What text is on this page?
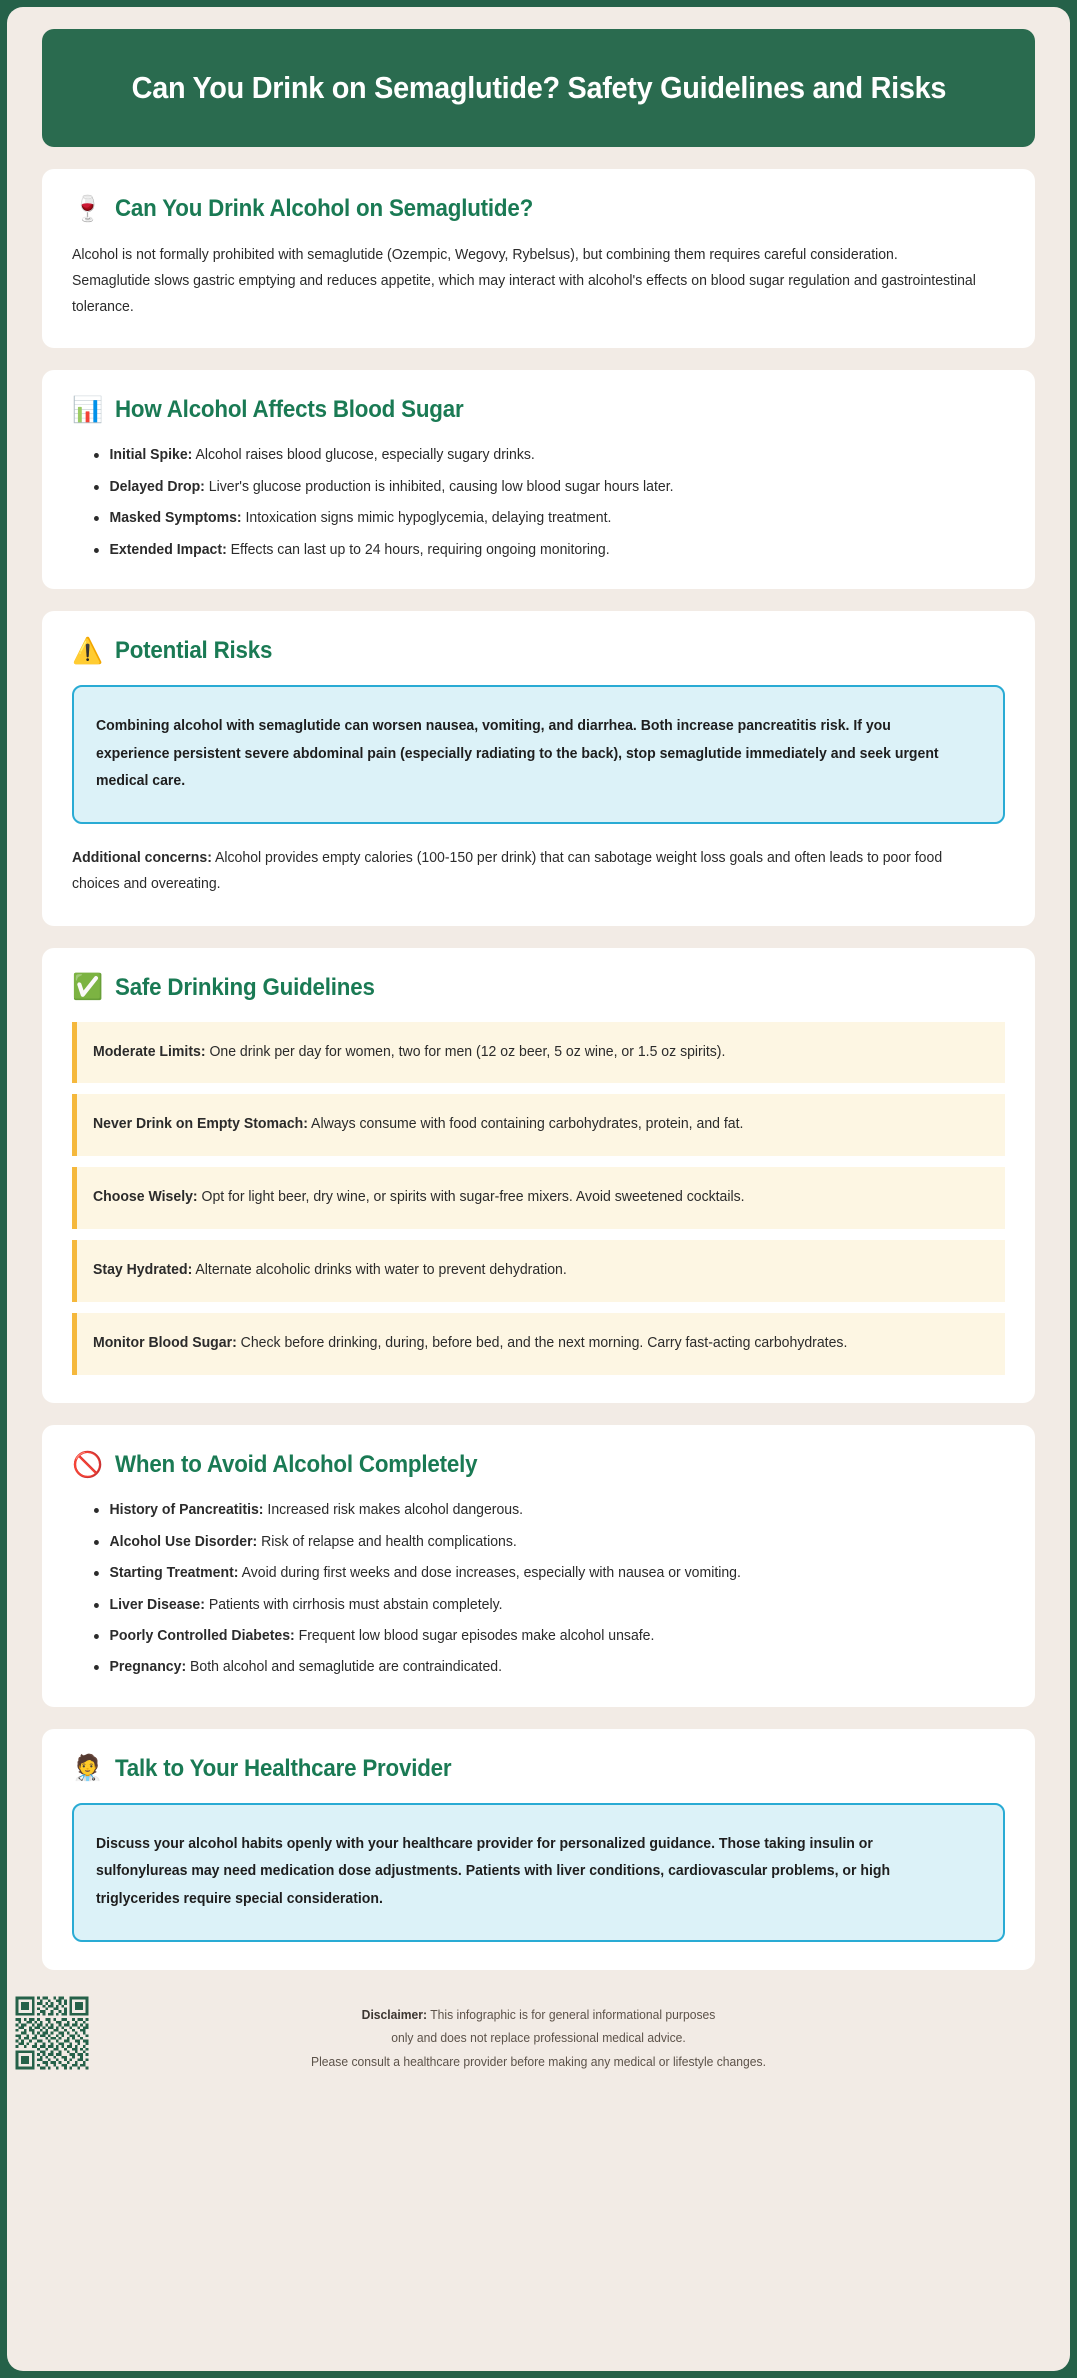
Can You Drink on Semaglutide? Safety Guidelines and Risks
🍷 Can You Drink Alcohol on Semaglutide?

Alcohol is not formally prohibited with semaglutide (Ozempic, Wegovy, Rybelsus), but combining them requires careful consideration. Semaglutide slows gastric emptying and reduces appetite, which may interact with alcohol's effects on blood sugar regulation and gastrointestinal tolerance.

📊 How Alcohol Affects Blood Sugar
Initial Spike: Alcohol raises blood glucose, especially sugary drinks.
Delayed Drop: Liver's glucose production is inhibited, causing low blood sugar hours later.
Masked Symptoms: Intoxication signs mimic hypoglycemia, delaying treatment.
Extended Impact: Effects can last up to 24 hours, requiring ongoing monitoring.
⚠️ Potential Risks

Combining alcohol with semaglutide can worsen nausea, vomiting, and diarrhea. Both increase pancreatitis risk. If you experience persistent severe abdominal pain (especially radiating to the back), stop semaglutide immediately and seek urgent medical care.

Additional concerns: Alcohol provides empty calories (100-150 per drink) that can sabotage weight loss goals and often leads to poor food choices and overeating.

✅ Safe Drinking Guidelines

Moderate Limits: One drink per day for women, two for men (12 oz beer, 5 oz wine, or 1.5 oz spirits).

Never Drink on Empty Stomach: Always consume with food containing carbohydrates, protein, and fat.

Choose Wisely: Opt for light beer, dry wine, or spirits with sugar-free mixers. Avoid sweetened cocktails.

Stay Hydrated: Alternate alcoholic drinks with water to prevent dehydration.

Monitor Blood Sugar: Check before drinking, during, before bed, and the next morning. Carry fast-acting carbohydrates.

🚫 When to Avoid Alcohol Completely
History of Pancreatitis: Increased risk makes alcohol dangerous.
Alcohol Use Disorder: Risk of relapse and health complications.
Starting Treatment: Avoid during first weeks and dose increases, especially with nausea or vomiting.
Liver Disease: Patients with cirrhosis must abstain completely.
Poorly Controlled Diabetes: Frequent low blood sugar episodes make alcohol unsafe.
Pregnancy: Both alcohol and semaglutide are contraindicated.
🧑‍⚕️ Talk to Your Healthcare Provider

Discuss your alcohol habits openly with your healthcare provider for personalized guidance. Those taking insulin or sulfonylureas may need medication dose adjustments. Patients with liver conditions, cardiovascular problems, or high triglycerides require special consideration.

Disclaimer: This infographic is for general informational purposes
only and does not replace professional medical advice.
Please consult a healthcare provider before making any medical or lifestyle changes.
